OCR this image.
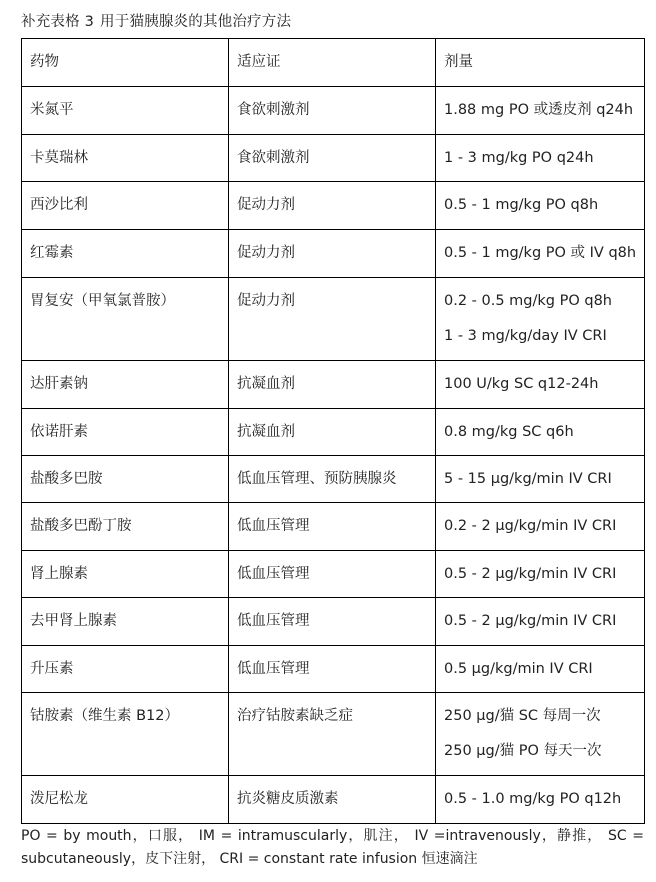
补充表格 3 用于猫胰腺炎的其他治疗方法
药物	适应证	剂量
米氮平	食欲刺激剂	1.88 mg PO 或透皮剂 q24h

卡莫瑞林	食欲刺激剂	1 - 3 mg/kg PO q24h

西沙比利	促动力剂	0.5 - 1 mg/kg PO q8h

红霉素	促动力剂	0.5 - 1 mg/kg PO 或 IV q8h

胃复安（甲氧氯普胺）	促动力剂	0.2 - 0.5 mg/kg PO q8h
1 - 3 mg/kg/day IV CRI

达肝素钠	抗凝血剂	100 U/kg SC q12-24h

依诺肝素	抗凝血剂	0.8 mg/kg SC q6h

盐酸多巴胺	低血压管理、预防胰腺炎	5 - 15 μg/kg/min IV CRI

盐酸多巴酚丁胺	低血压管理	0.2 - 2 μg/kg/min IV CRI

肾上腺素	低血压管理	0.5 - 2 μg/kg/min IV CRI

去甲肾上腺素	低血压管理	0.5 - 2 μg/kg/min IV CRI

升压素	低血压管理	0.5 μg/kg/min IV CRI

钴胺素（维生素 B12）	治疗钴胺素缺乏症	250 μg/猫 SC 每周一次
250 μg/猫 PO 每天一次

泼尼松龙	抗炎糖皮质激素	0.5 - 1.0 mg/kg PO q12h
PO = by mouth，口服， IM = intramuscularly，肌注， IV =intravenously，静推， SC = subcutaneously，皮下注射， CRI = constant rate infusion 恒速滴注
